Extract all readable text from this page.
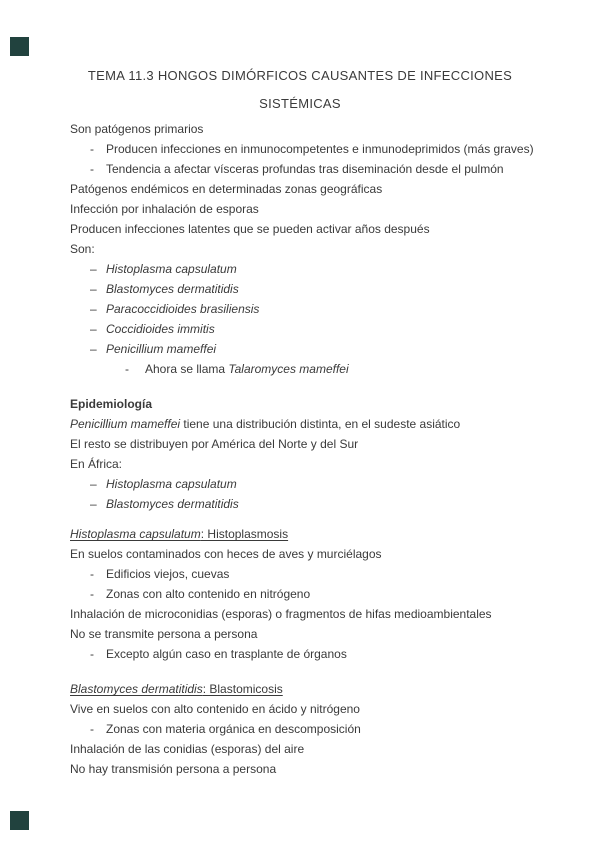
TEMA 11.3 HONGOS DIMÓRFICOS CAUSANTES DE INFECCIONES
SISTÉMICAS
Son patógenos primarios
- Producen infecciones en inmunocompetentes e inmunodeprimidos (más graves)
- Tendencia a afectar vísceras profundas tras diseminación desde el pulmón
Patógenos endémicos en determinadas zonas geográficas
Infección por inhalación de esporas
Producen infecciones latentes que se pueden activar años después
Son:
– Histoplasma capsulatum
– Blastomyces dermatitidis
– Paracoccidioides brasiliensis
– Coccidioides immitis
– Penicillium mameffei
- Ahora se llama Talaromyces mameffei
Epidemiología
Penicillium mameffei tiene una distribución distinta, en el sudeste asiático
El resto se distribuyen por América del Norte y del Sur
En África:
– Histoplasma capsulatum
– Blastomyces dermatitidis
Histoplasma capsulatum: Histoplasmosis
En suelos contaminados con heces de aves y murciélagos
- Edificios viejos, cuevas
- Zonas con alto contenido en nitrógeno
Inhalación de microconidias (esporas) o fragmentos de hifas medioambientales
No se transmite persona a persona
- Excepto algún caso en trasplante de órganos
Blastomyces dermatitidis: Blastomicosis
Vive en suelos con alto contenido en ácido y nitrógeno
- Zonas con materia orgánica en descomposición
Inhalación de las conidias (esporas) del aire
No hay transmisión persona a persona
